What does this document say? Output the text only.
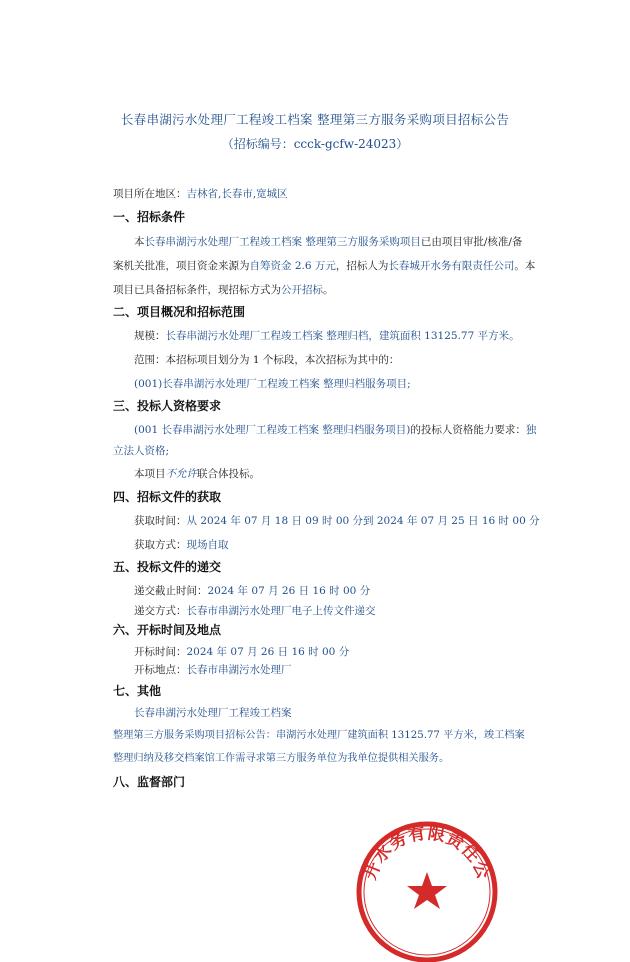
长春串湖污水处理厂工程竣工档案 整理第三方服务采购项目招标公告
（招标编号：ccck-gcfw-24023）
项目所在地区：吉林省,长春市,宽城区
一、招标条件
本长春串湖污水处理厂工程竣工档案 整理第三方服务采购项目已由项目审批/核准/备
案机关批准，项目资金来源为自筹资金 2.6 万元，招标人为长春城开水务有限责任公司。本
项目已具备招标条件，现招标方式为公开招标。
二、项目概况和招标范围
规模：长春串湖污水处理厂工程竣工档案 整理归档，建筑面积 13125.77 平方米。
范围：本招标项目划分为 1 个标段，本次招标为其中的：
(001)长春串湖污水处理厂工程竣工档案 整理归档服务项目;
三、投标人资格要求
(001 长春串湖污水处理厂工程竣工档案 整理归档服务项目)的投标人资格能力要求：独
立法人资格;
本项目不允许联合体投标。
四、招标文件的获取
获取时间：从 2024 年 07 月 18 日 09 时 00 分到 2024 年 07 月 25 日 16 时 00 分
获取方式：现场自取
五、投标文件的递交
递交截止时间：2024 年 07 月 26 日 16 时 00 分
递交方式：长春市串湖污水处理厂电子上传文件递交
六、开标时间及地点
开标时间：2024 年 07 月 26 日 16 时 00 分
开标地点：长春市串湖污水处理厂
七、其他
长春串湖污水处理厂工程竣工档案
整理第三方服务采购项目招标公告：串湖污水处理厂建筑面积 13125.77 平方米，竣工档案
整理归纳及移交档案馆工作需寻求第三方服务单位为我单位提供相关服务。
八、监督部门
开水务有限责任公
